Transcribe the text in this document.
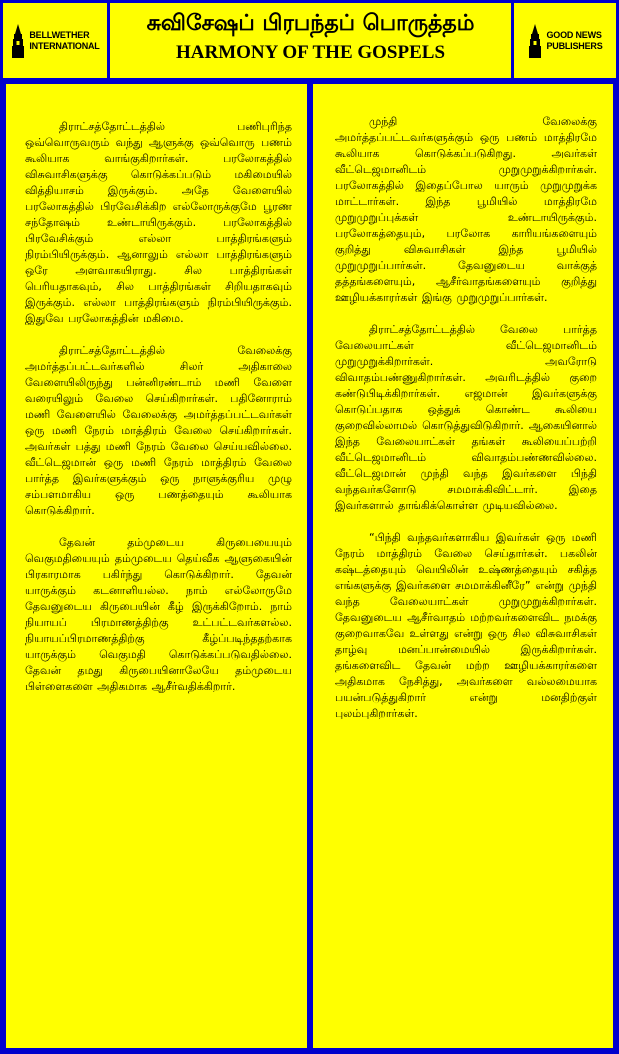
BELLWETHER
INTERNATIONAL
சுவிசேஷப் பிரபந்தப் பொருத்தம்
HARMONY OF THE GOSPELS
GOOD NEWS
PUBLISHERS

திராட்சத்தோட்டத்தில் பணிபுரிந்த ஒவ்வொருவரும் வந்து ஆளுக்கு ஒவ்வொரு பணம் கூலியாக வாங்குகிறார்கள். பரலோகத்தில் விசுவாசிகளுக்கு கொடுக்கப்படும் மகிமையில் வித்தியாசம் இருக்கும். அதே வேளையில் பரலோகத்தில் பிரவேசிக்கிற எல்லோருக்குமே பூரண சந்தோஷம் உண்டாயிருக்கும். பரலோகத்தில் பிரவேசிக்கும் எல்லா பாத்திரங்களும் நிரம்பியிருக்கும். ஆனாலும் எல்லா பாத்திரங்களும் ஒரே அளவாகயிராது. சில பாத்திரங்கள் பெரியதாகவும், சில பாத்திரங்கள் சிறியதாகவும் இருக்கும். எல்லா பாத்திரங்களும் நிரம்பியிருக்கும். இதுவே பரலோகத்தின் மகிமை.

திராட்சத்தோட்டத்தில் வேலைக்கு அமர்த்தப்பட்டவர்களில் சிலர் அதிகாலை வேளையிலிருந்து பன்னிரண்டாம் மணி வேளை வரையிலும் வேலை செய்கிறார்கள். பதினோராம் மணி வேளையில் வேலைக்கு அமர்த்தப்பட்டவர்கள் ஒரு மணி நேரம் மாத்திரம் வேலை செய்கிறார்கள். அவர்கள் பத்து மணி நேரம் வேலை செய்யவில்லை. வீட்டெஜமான் ஒரு மணி நேரம் மாத்திரம் வேலை பார்த்த இவர்களுக்கும் ஒரு நாளுக்குரிய முழு சம்பளமாகிய ஒரு பணத்தையும் கூலியாக கொடுக்கிறார்.

தேவன் தம்முடைய கிருபையையும் வெகுமதியையும் தம்முடைய தெய்வீக ஆளுகையின் பிரகாரமாக பகிர்ந்து கொடுக்கிறார். தேவன் யாருக்கும் கடனாளியல்ல. நாம் எல்லோருமே தேவனுடைய கிருபையின் கீழ் இருக்கிறோம். நாம் நியாயப் பிரமாணத்திற்கு உட்பட்டவர்களல்ல. நியாயப்பிரமாணத்திற்கு கீழ்ப்படிந்ததற்காக யாருக்கும் வெகுமதி கொடுக்கப்படுவதில்லை. தேவன் தமது கிருபையினாலேயே தம்முடைய பிள்ளைகளை அதிகமாக ஆசீர்வதிக்கிறார்.

முந்தி வேலைக்கு அமர்த்தப்பட்டவர்களுக்கும் ஒரு பணம் மாத்திரமே கூலியாக கொடுக்கப்படுகிறது. அவர்கள் வீட்டெஜமானிடம் முறுமுறுக்கிறார்கள். பரலோகத்தில் இதைப்போல யாரும் முறுமுறுக்க மாட்டார்கள். இந்த பூமியில் மாத்திரமே முறுமுறுப்புக்கள் உண்டாயிருக்கும். பரலோகத்தையும், பரலோக காரியங்களையும் குறித்து விசுவாசிகள் இந்த பூமியில் முறுமுறுப்பார்கள். தேவனுடைய வாக்குத் தத்தங்களையும், ஆசீர்வாதங்களையும் குறித்து ஊழியக்காரர்கள் இங்கு முறுமுறுப்பார்கள்.

திராட்சத்தோட்டத்தில் வேலை பார்த்த வேலையாட்கள் வீட்டெஜமானிடம் முறுமுறுக்கிறார்கள். அவரோடு விவாதம்பண்ணுகிறார்கள். அவரிடத்தில் குறை கண்டுபிடிக்கிறார்கள். எஜமான் இவர்களுக்கு கொடுப்பதாக ஒத்துக் கொண்ட கூலியை குறைவில்லாமல் கொடுத்துவிடுகிறார். ஆகையினால் இந்த வேலையாட்கள் தங்கள் கூலியைப்பற்றி வீட்டெஜமானிடம் விவாதம்பண்ணவில்லை. வீட்டெஜமான் முந்தி வந்த இவர்களை பிந்தி வந்தவர்களோடு சமமாக்கிவிட்டார். இதை இவர்களால் தாங்கிக்கொள்ள முடியவில்லை.

“பிந்தி வந்தவர்களாகிய இவர்கள் ஒரு மணி நேரம் மாத்திரம் வேலை செய்தார்கள். பகலின் கஷ்டத்தையும் வெயிலின் உஷ்ணத்தையும் சகித்த எங்களுக்கு இவர்களை சமமாக்கினீரே” என்று முந்தி வந்த வேலையாட்கள் முறுமுறுக்கிறார்கள். தேவனுடைய ஆசீர்வாதம் மற்றவர்களைவிட நமக்கு குறைவாகவே உள்ளது என்று ஒரு சில விசுவாசிகள் தாழ்வு மனப்பான்மையில் இருக்கிறார்கள். தங்களைவிட தேவன் மற்ற ஊழியக்காரர்களை அதிகமாக நேசித்து, அவர்களை வல்லமையாக பயன்படுத்துகிறார் என்று மனதிற்குள் புலம்புகிறார்கள்.
